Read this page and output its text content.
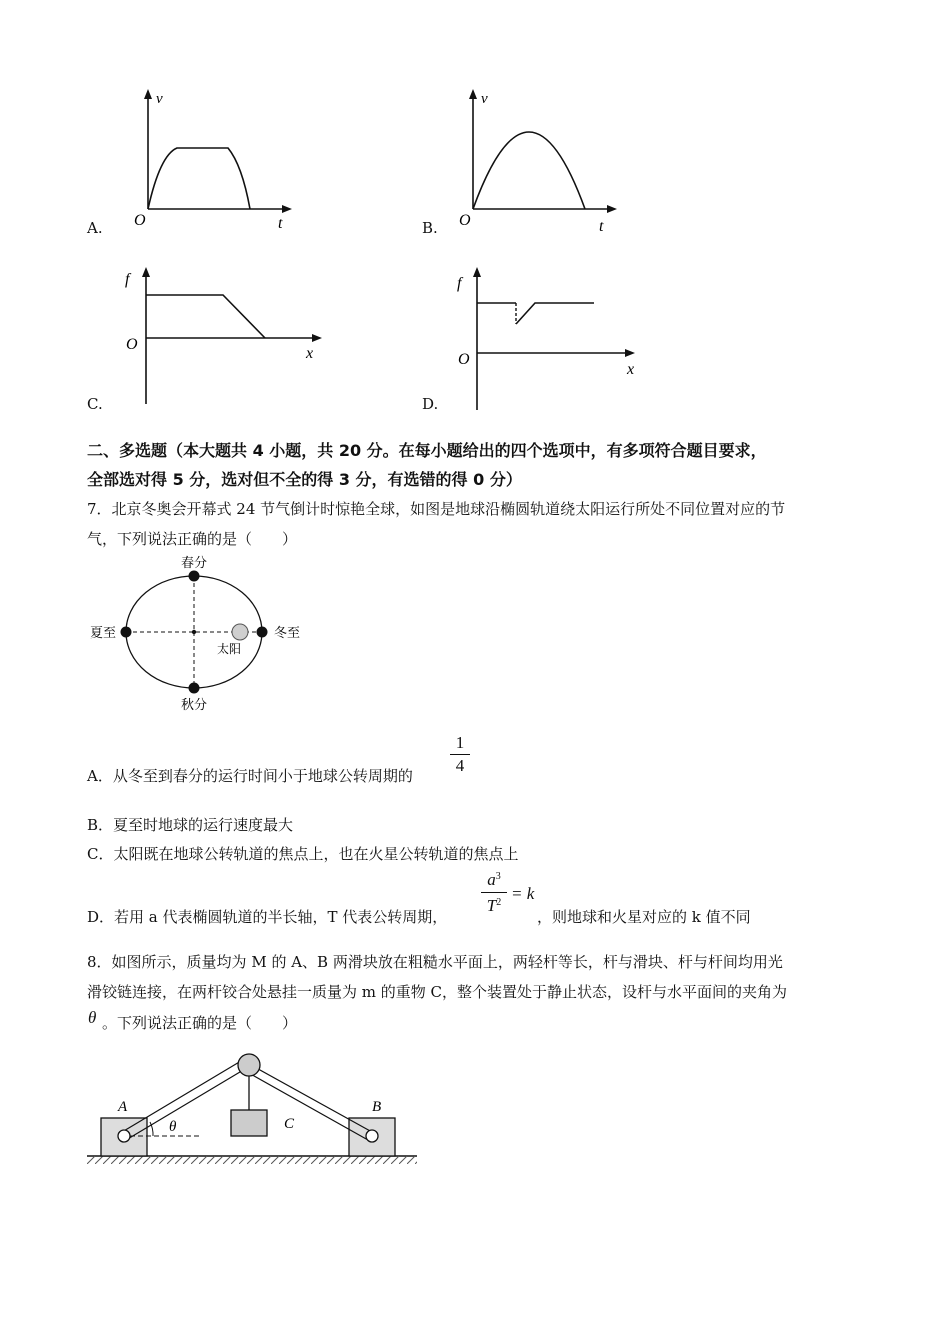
A.
v
O	t	B.
v
O	t
C.
f
O
x
D.
f
O
x
二、多选题（本大题共 4 小题，共 20 分。在每小题给出的四个选项中，有多项符合题目要求，
全部选对得 5 分，选对但不全的得 3 分，有选错的得 0 分）
7．北京冬奥会开幕式 24 节气倒计时惊艳全球，如图是地球沿椭圆轨道绕太阳运行所处不同位置对应的节
气，下列说法正确的是（　　）
春分
秋分
夏至	冬至
太阳
A．从冬至到春分的运行时间小于地球公转周期的 $\frac{1}{4}$
B．夏至时地球的运行速度最大
C．太阳既在地球公转轨道的焦点上，也在火星公转轨道的焦点上
D．若用 a 代表椭圆轨道的半长轴，T 代表公转周期，
$a^3$
$T^2 = k$
，则地球和火星对应的 k 值不同
8．如图所示，质量均为 M 的 A、B 两滑块放在粗糙水平面上，两轻杆等长，杆与滑块、杆与杆间均用光
滑铰链连接，在两杆铰合处悬挂一质量为 m 的重物 C，整个装置处于静止状态，设杆与水平面间的夹角为
θ 。下列说法正确的是（　　）
A	B
C
θ
